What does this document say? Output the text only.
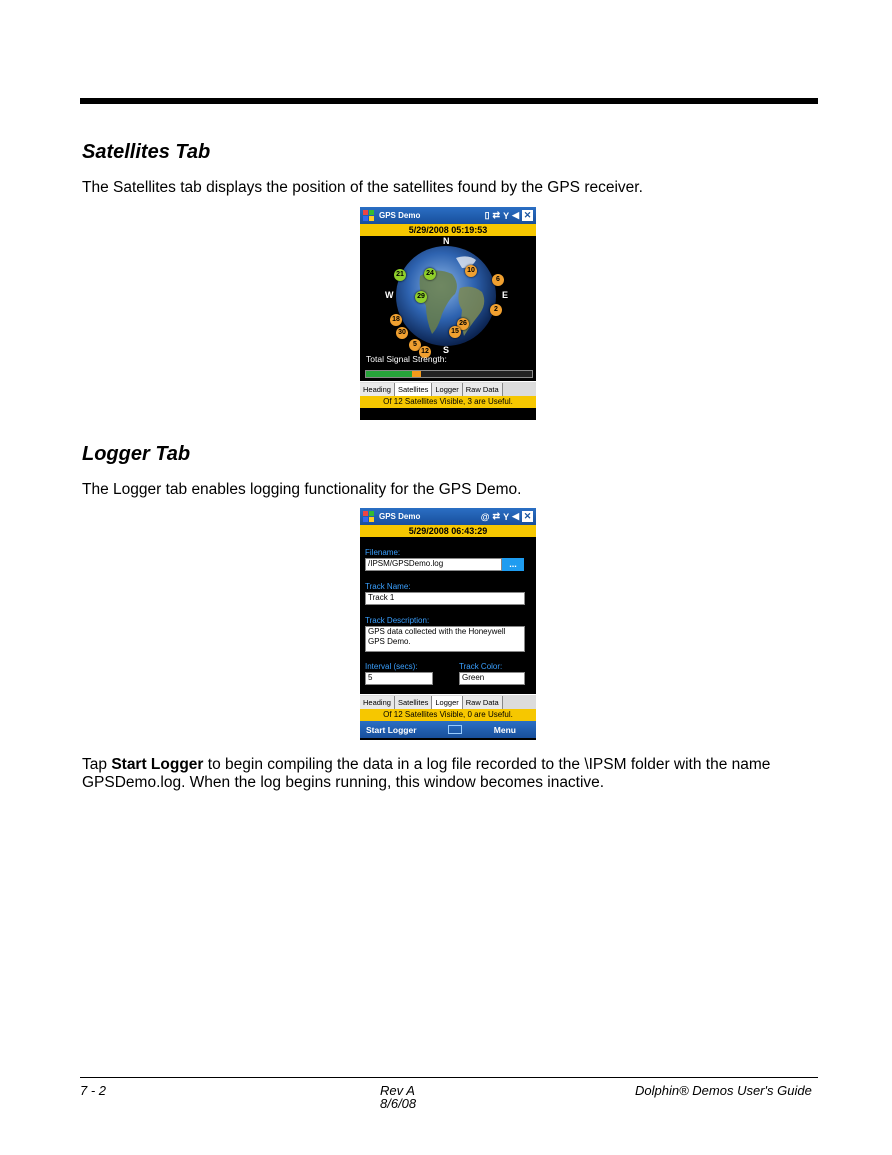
Satellites Tab

The Satellites tab displays the position of the satellites found by the GPS receiver.

GPS Demo	▯ ⇄ Y ◀ ✕
5/29/2008 05:19:53
21	24
29
10
6
2
18
30
26
15
5
12
N
S
E
W
Total Signal Strength:
Heading Satellites Logger Raw Data
Of 12 Satellites Visible, 3 are Useful.
Logger Tab

The Logger tab enables logging functionality for the GPS Demo.

GPS Demo	@ ⇄ Y ◀ ✕
5/29/2008 06:43:29
Filename:
/IPSM/GPSDemo.log	...
Track Name:
Track 1
Track Description:
GPS data collected with the Honeywell
GPS Demo.
Interval (secs):
5
Track Color:
Green
Heading Satellites Logger Raw Data
Of 12 Satellites Visible, 0 are Useful.
Start Logger	Menu

Tap Start Logger to begin compiling the data in a log file recorded to the \IPSM folder with the name GPSDemo.log. When the log begins running, this window becomes inactive.

7 - 2	Rev A
8/6/08
Dolphin® Demos User's Guide
